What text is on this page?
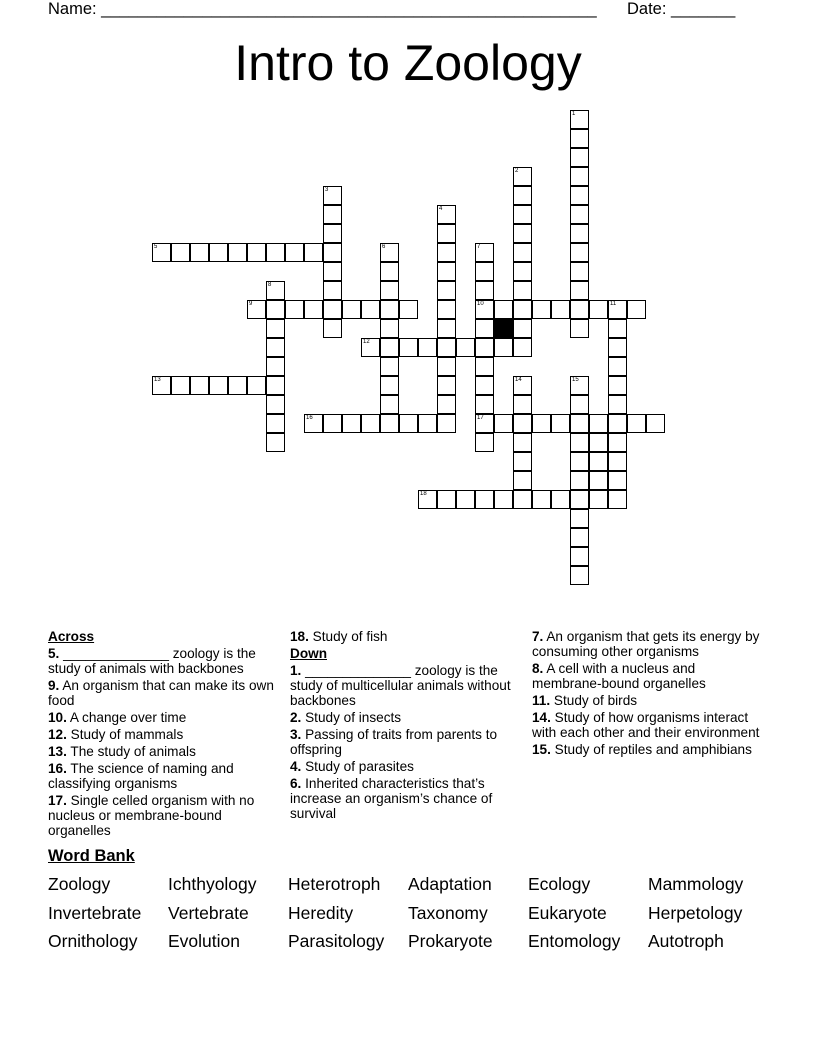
Name: ______________________________________________________ Date: _______
Intro to Zoology
1
2
3
4
5	6	7
8
9	10	11
12
13	14	15
16	17
18
Across
5. ______________ zoology is the study of animals with backbones
9. An organism that can make its own food
10. A change over time
12. Study of mammals
13. The study of animals
16. The science of naming and classifying organisms
17. Single celled organism with no nucleus or membrane-bound organelles
18. Study of fish
Down
1. ______________ zoology is the study of multicellular animals without backbones
2. Study of insects
3. Passing of traits from parents to offspring
4. Study of parasites
6. Inherited characteristics that’s increase an organism’s chance of survival
7. An organism that gets its energy by consuming other organisms
8. A cell with a nucleus and membrane-bound organelles
11. Study of birds
14. Study of how organisms interact with each other and their environment
15. Study of reptiles and amphibians
Word Bank
Zoology	Ichthyology Heterotroph Adaptation Ecology	Mammology
Invertebrate Vertebrate Heredity	Taxonomy Eukaryote Herpetology
Ornithology Evolution	Parasitology Prokaryote Entomology Autotroph
